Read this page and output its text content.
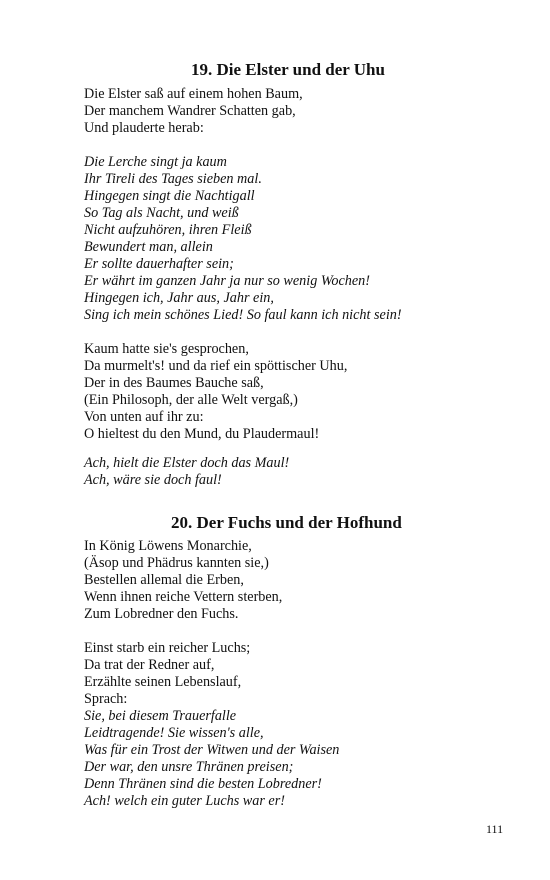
19. Die Elster und der Uhu
Die Elster saß auf einem hohen Baum,
Der manchem Wandrer Schatten gab,
Und plauderte herab:
Die Lerche singt ja kaum
Ihr Tireli des Tages sieben mal.
Hingegen singt die Nachtigall
So Tag als Nacht, und weiß
Nicht aufzuhören, ihren Fleiß
Bewundert man, allein
Er sollte dauerhafter sein;
Er währt im ganzen Jahr ja nur so wenig Wochen!
Hingegen ich, Jahr aus, Jahr ein,
Sing ich mein schönes Lied! So faul kann ich nicht sein!
Kaum hatte sie's gesprochen,
Da murmelt's! und da rief ein spöttischer Uhu,
Der in des Baumes Bauche saß,
(Ein Philosoph, der alle Welt vergaß,)
Von unten auf ihr zu:
O hieltest du den Mund, du Plaudermaul!
Ach, hielt die Elster doch das Maul!
Ach, wäre sie doch faul!
20. Der Fuchs und der Hofhund
In König Löwens Monarchie,
(Äsop und Phädrus kannten sie,)
Bestellen allemal die Erben,
Wenn ihnen reiche Vettern sterben,
Zum Lobredner den Fuchs.
Einst starb ein reicher Luchs;
Da trat der Redner auf,
Erzählte seinen Lebenslauf,
Sprach:
Sie, bei diesem Trauerfalle
Leidtragende! Sie wissen's alle,
Was für ein Trost der Witwen und der Waisen
Der war, den unsre Thränen preisen;
Denn Thränen sind die besten Lobredner!
Ach! welch ein guter Luchs war er!
111
